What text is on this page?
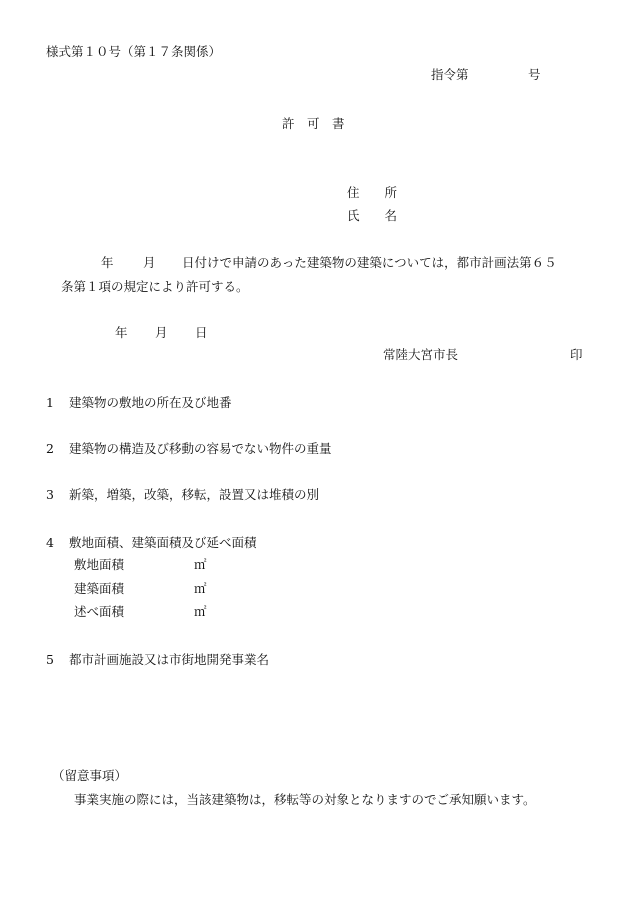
様式第１０号（第１７条関係）
指令第	号
許　可　書
住　　所
氏　　名
年 月 日付けで申請のあった建築物の建築については，都市計画法第６５
条第１項の規定により許可する。
年 月 日
常陸大宮市長	印
1 建築物の敷地の所在及び地番
2 建築物の構造及び移動の容易でない物件の重量
3 新築，増築，改築，移転，設置又は堆積の別
4 敷地面積、建築面積及び延べ面積
敷地面積	㎡
建築面積	㎡
述べ面積	㎡
5 都市計画施設又は市街地開発事業名
（留意事項）
事業実施の際には，当該建築物は，移転等の対象となりますのでご承知願います。
